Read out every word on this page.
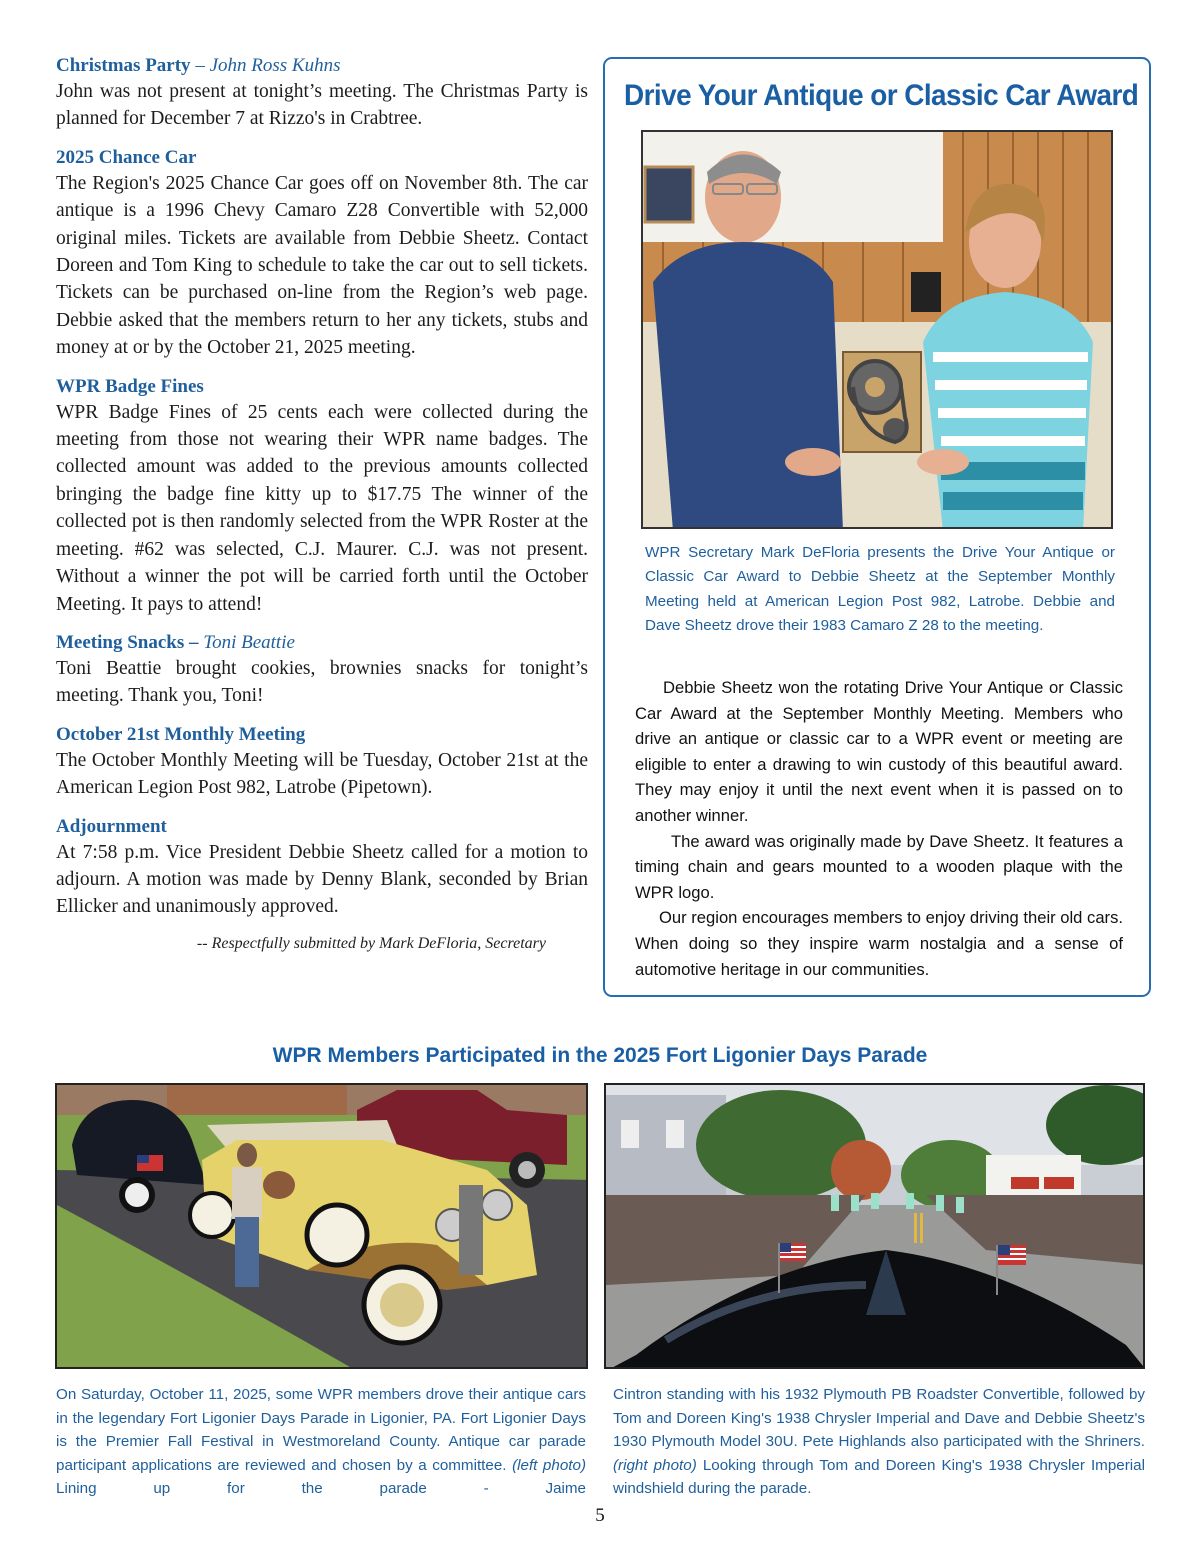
Christmas Party – John Ross Kuhns

John was not present at tonight’s meeting. The Christmas Party is planned for December 7 at Rizzo's in Crabtree.

2025 Chance Car

The Region's 2025 Chance Car goes off on November 8th. The car antique is a 1996 Chevy Camaro Z28 Convertible with 52,000 original miles. Tickets are available from Debbie Sheetz. Contact Doreen and Tom King to schedule to take the car out to sell tickets. Tickets can be purchased on-line from the Region’s web page. Debbie asked that the members return to her any tickets, stubs and money at or by the October 21, 2025 meeting.

WPR Badge Fines

WPR Badge Fines of 25 cents each were collected during the meeting from those not wearing their WPR name badges. The collected amount was added to the previous amounts collected bringing the badge fine kitty up to $17.75 The winner of the collected pot is then randomly selected from the WPR Roster at the meeting. #62 was selected, C.J. Maurer. C.J. was not present. Without a winner the pot will be carried forth until the October Meeting. It pays to attend!

Meeting Snacks – Toni Beattie

Toni Beattie brought cookies, brownies snacks for tonight’s meeting. Thank you, Toni!

October 21st Monthly Meeting

The October Monthly Meeting will be Tuesday, October 21st at the American Legion Post 982, Latrobe (Pipetown).

Adjournment

At 7:58 p.m. Vice President Debbie Sheetz called for a motion to adjourn. A motion was made by Denny Blank, seconded by Brian Ellicker and unanimously approved.

-- Respectfully submitted by Mark DeFloria, Secretary
Drive Your Antique or Classic Car Award

WPR Secretary Mark DeFloria presents the Drive Your Antique or Classic Car Award to Debbie Sheetz at the September Monthly Meeting held at American Legion Post 982, Latrobe. Debbie and Dave Sheetz drove their 1983 Camaro Z 28 to the meeting.

Debbie Sheetz won the rotating Drive Your Antique or Classic Car Award at the September Monthly Meeting. Members who drive an antique or classic car to a WPR event or meeting are eligible to enter a drawing to win custody of this beautiful award. They may enjoy it until the next event when it is passed on to another winner.

The award was originally made by Dave Sheetz. It features a timing chain and gears mounted to a wooden plaque with the WPR logo.

Our region encourages members to enjoy driving their old cars. When doing so they inspire warm nostalgia and a sense of automotive heritage in our communities.

WPR Members Participated in the 2025 Fort Ligonier Days Parade

On Saturday, October 11, 2025, some WPR members drove their antique cars in the legendary Fort Ligonier Days Parade in Ligonier, PA. Fort Ligonier Days is the Premier Fall Festival in Westmoreland County. Antique car parade participant applications are reviewed and chosen by a committee. (left photo) Lining up for the parade - Jaime

Cintron standing with his 1932 Plymouth PB Roadster Convertible, followed by Tom and Doreen King's 1938 Chrysler Imperial and Dave and Debbie Sheetz's 1930 Plymouth Model 30U. Pete Highlands also participated with the Shriners. (right photo) Looking through Tom and Doreen King's 1938 Chrysler Imperial windshield during the parade.

5
